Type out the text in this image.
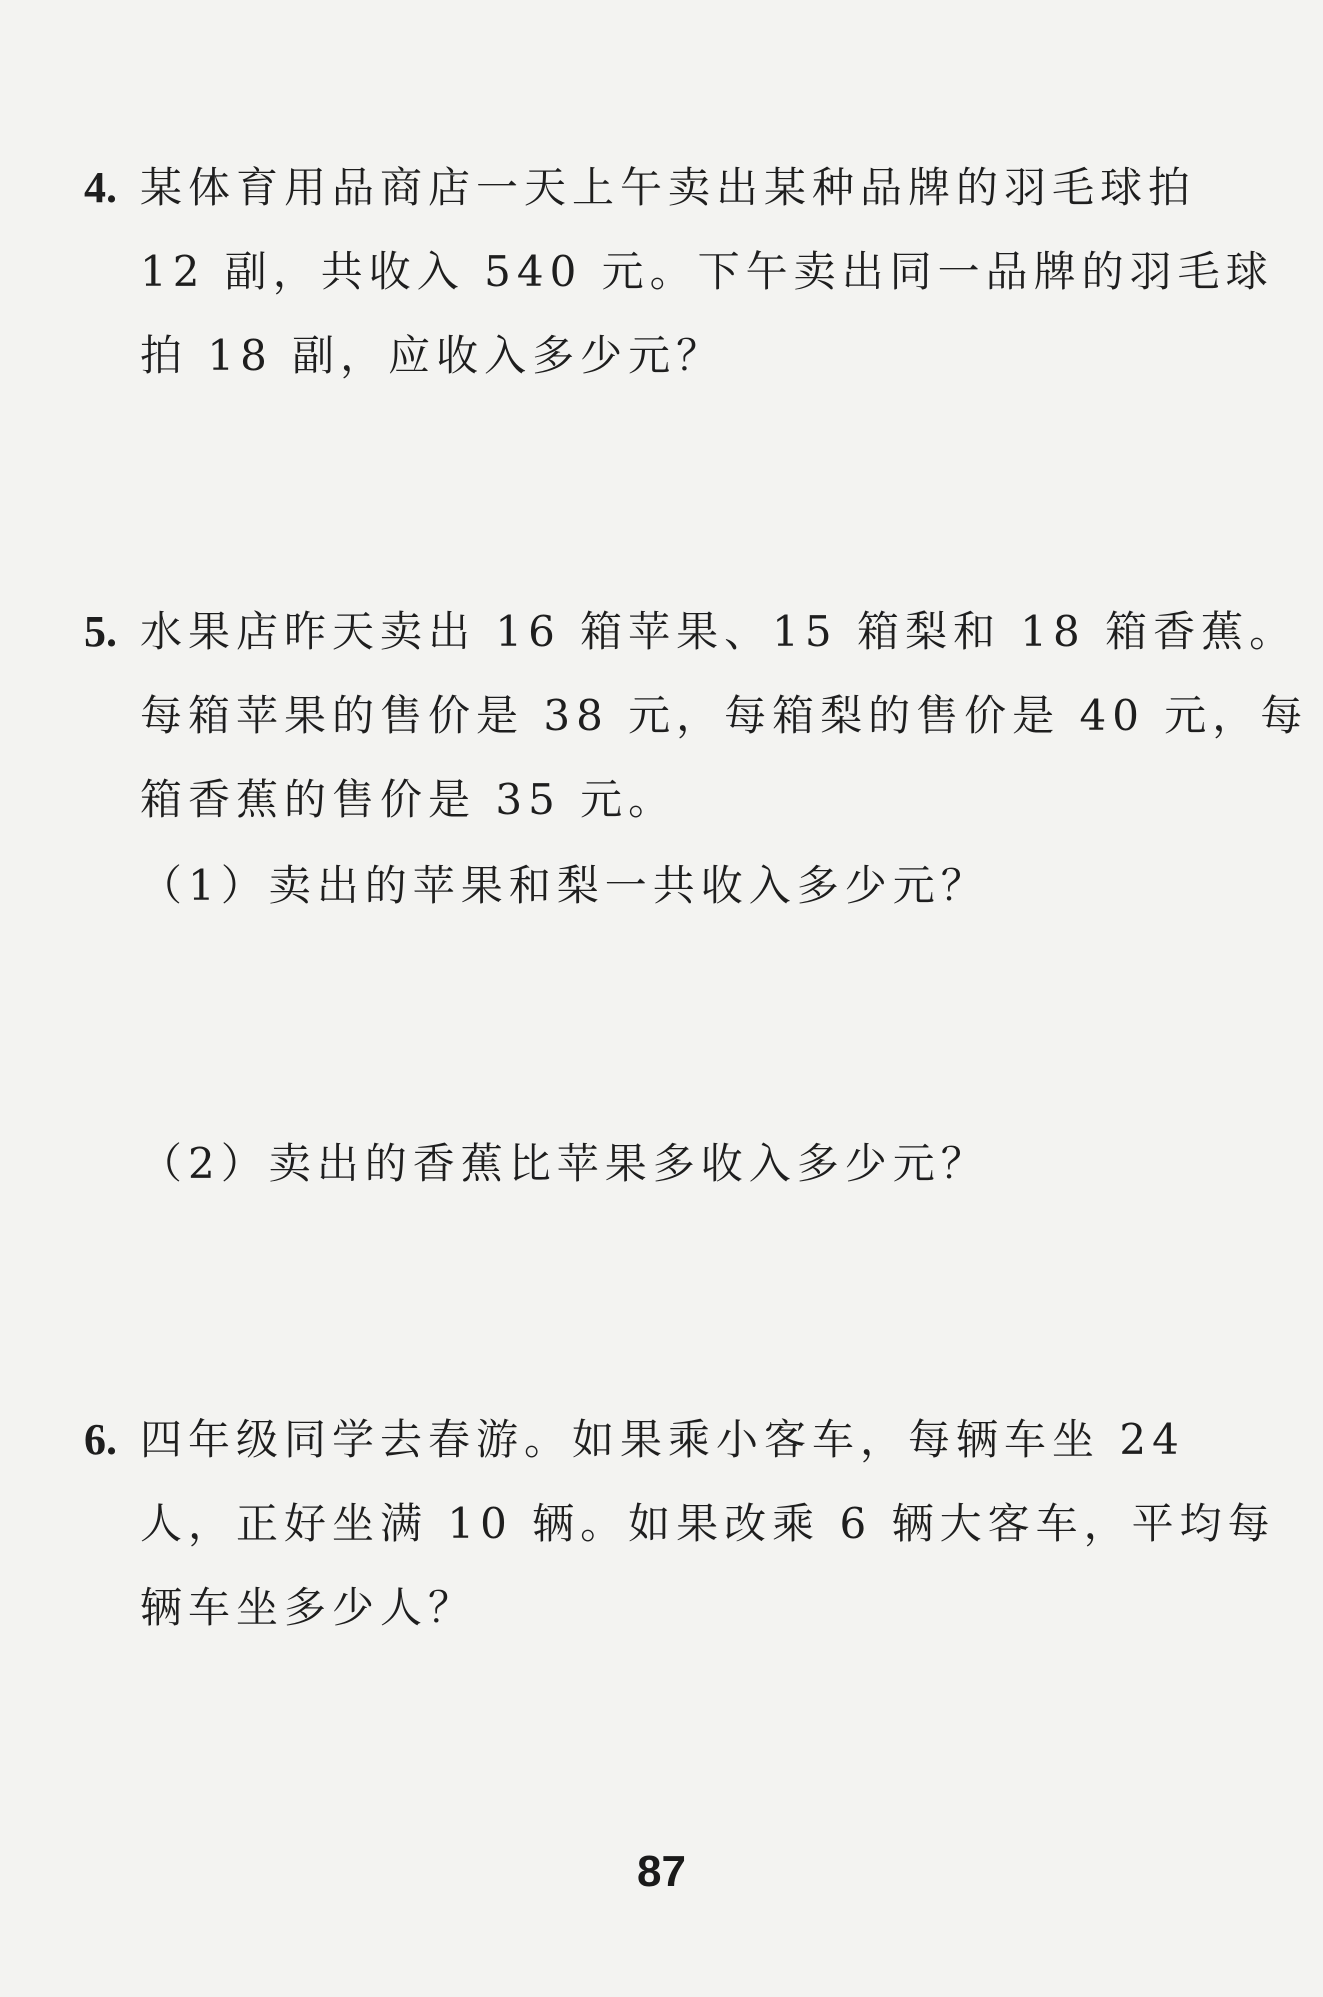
4. 某体育用品商店一天上午卖出某种品牌的羽毛球拍
12 副，共收入 540 元。下午卖出同一品牌的羽毛球
拍 18 副，应收入多少元？
5. 水果店昨天卖出 16 箱苹果、15 箱梨和 18 箱香蕉。
每箱苹果的售价是 38 元，每箱梨的售价是 40 元，每
箱香蕉的售价是 35 元。
（1）卖出的苹果和梨一共收入多少元？
（2）卖出的香蕉比苹果多收入多少元？
6. 四年级同学去春游。如果乘小客车，每辆车坐 24
人，正好坐满 10 辆。如果改乘 6 辆大客车，平均每
辆车坐多少人？
87
